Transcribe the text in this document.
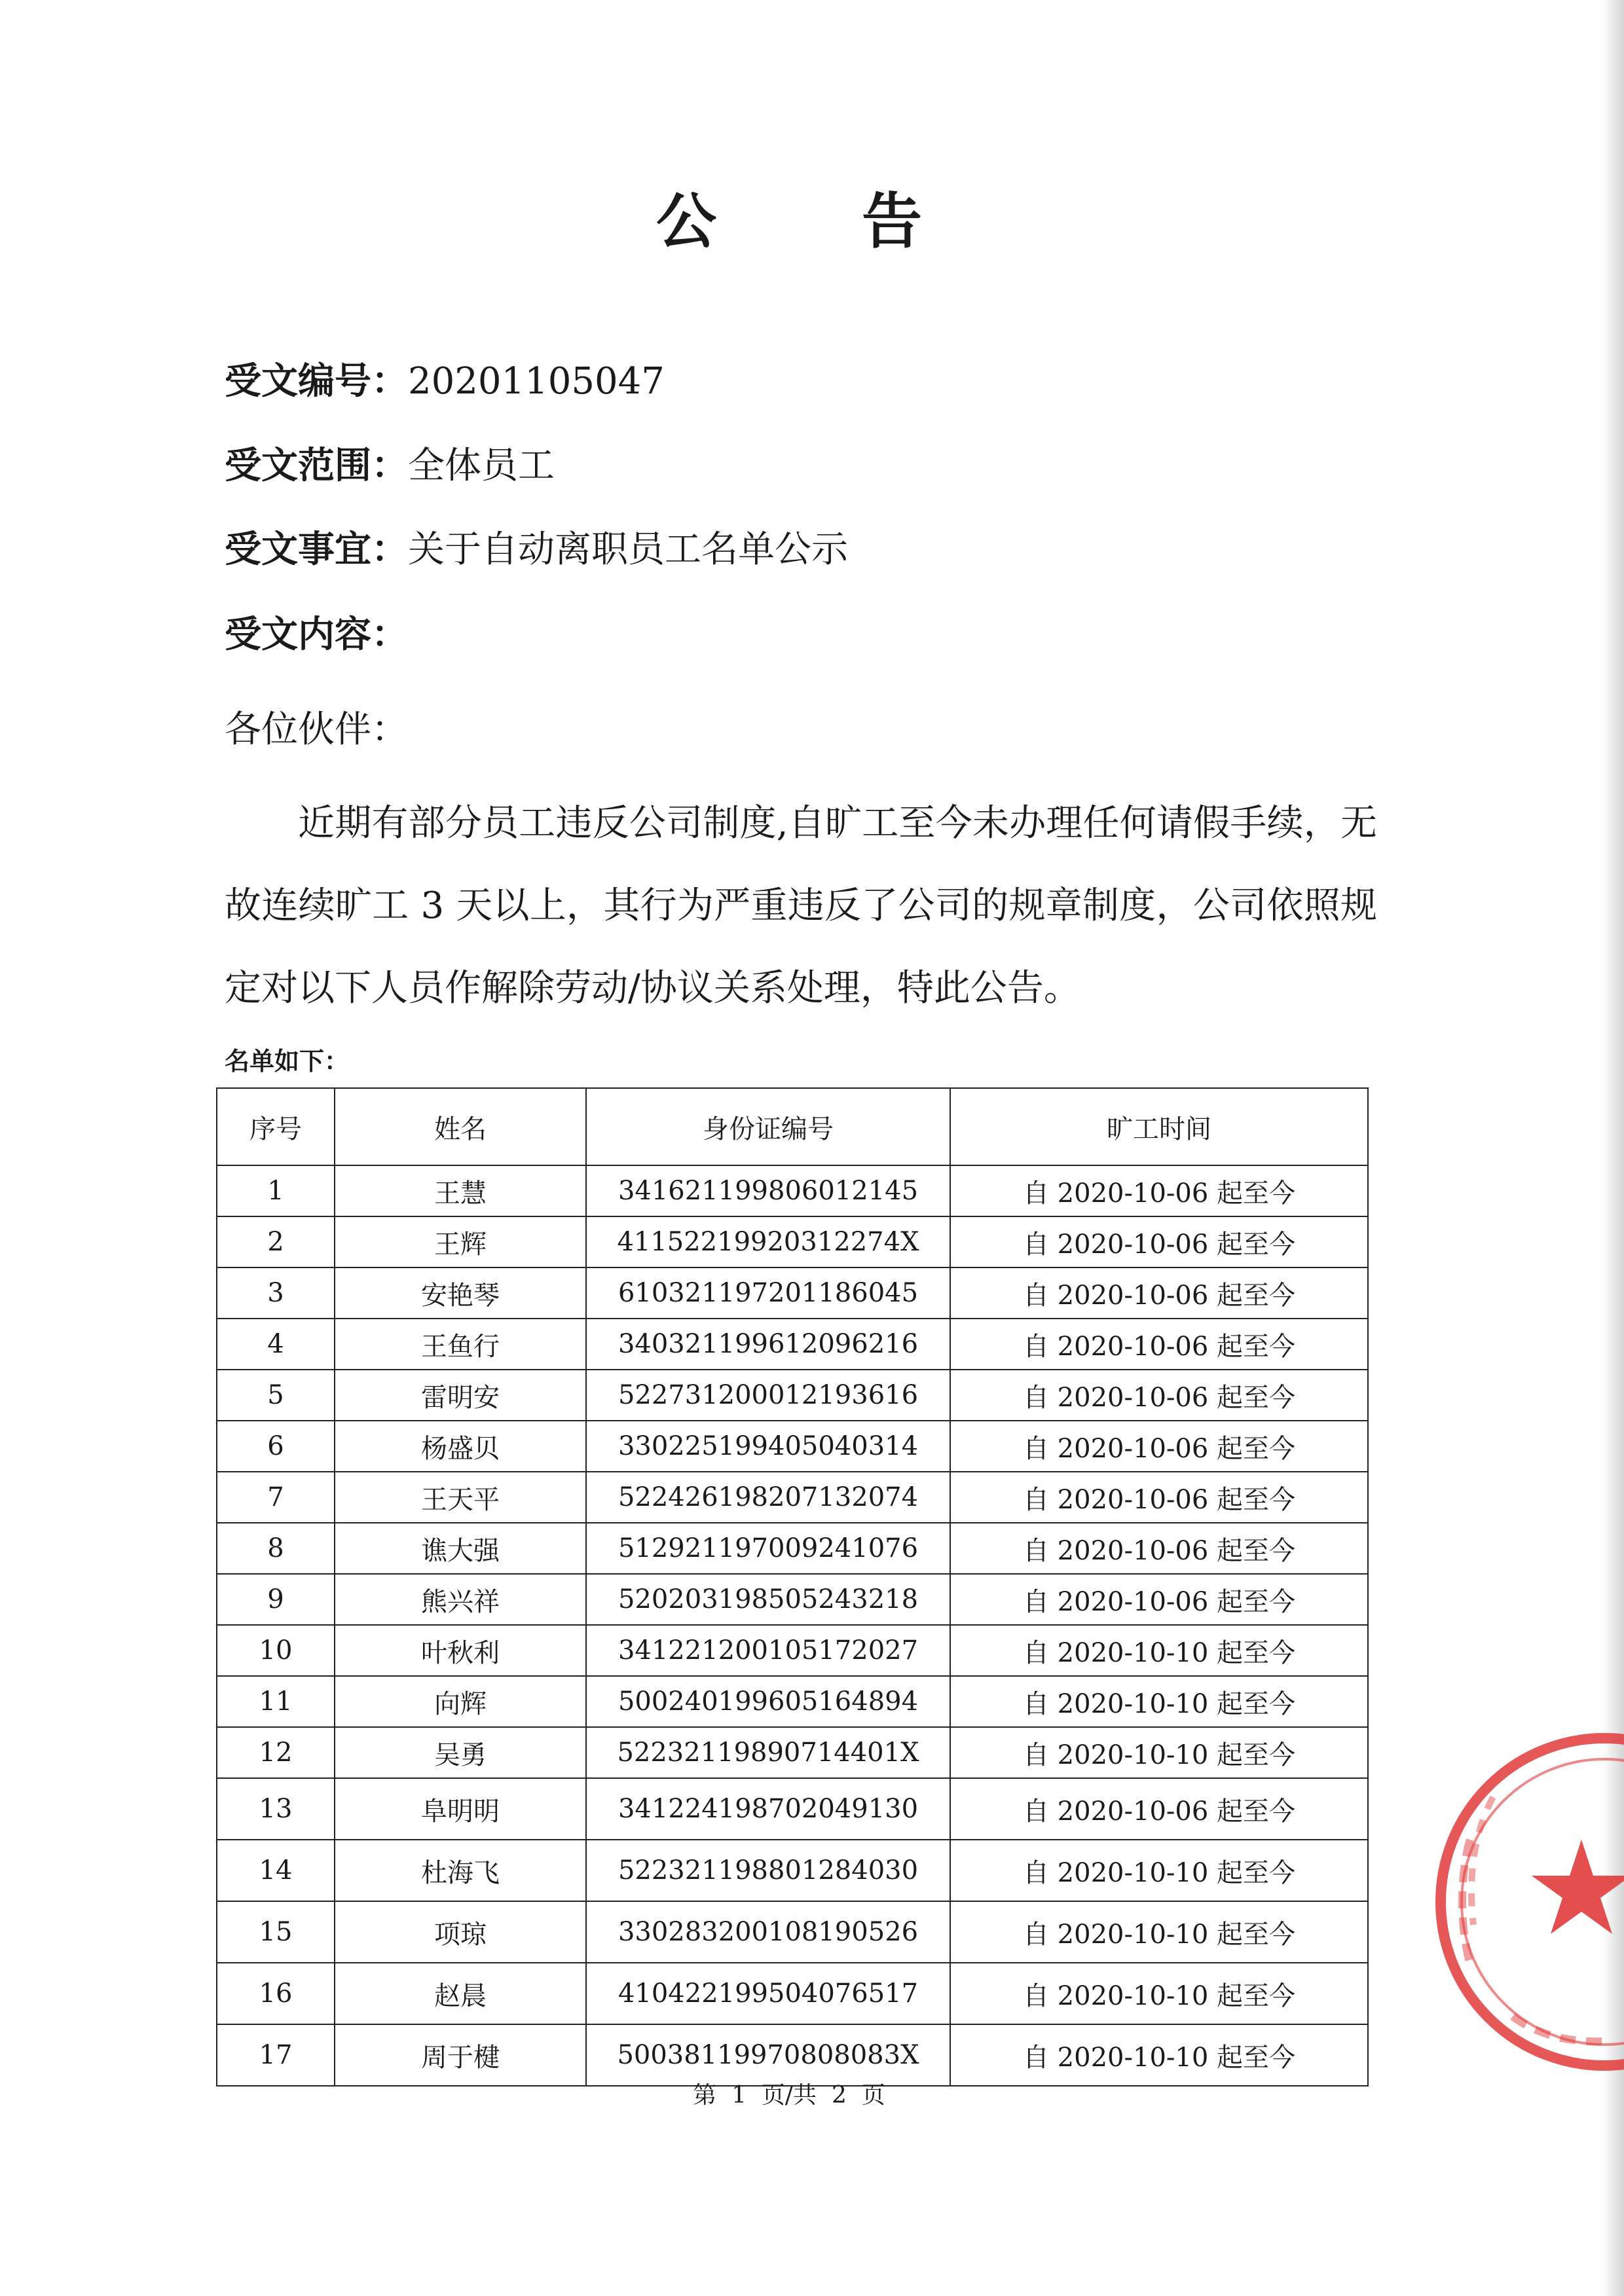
公 告
受文编号：20201105047
受文范围：全体员工
受文事宜：关于自动离职员工名单公示
受文内容：
各位伙伴：
近期有部分员工违反公司制度,自旷工至今未办理任何请假手续，无故连续旷工 3 天以上，其行为严重违反了公司的规章制度，公司依照规定对以下人员作解除劳动/协议关系处理，特此公告。
名单如下：
序号	姓名	身份证编号	旷工时间
1	王慧	341621199806012145	自 2020-10-06 起至今
2	王辉	41152219920312274X	自 2020-10-06 起至今
3	安艳琴	610321197201186045	自 2020-10-06 起至今
4	王鱼行	340321199612096216	自 2020-10-06 起至今
5	雷明安	522731200012193616	自 2020-10-06 起至今
6	杨盛贝	330225199405040314	自 2020-10-06 起至今
7	王天平	522426198207132074	自 2020-10-06 起至今
8	谯大强	512921197009241076	自 2020-10-06 起至今
9	熊兴祥	520203198505243218	自 2020-10-06 起至今
10	叶秋利	341221200105172027	自 2020-10-10 起至今
11	向辉	500240199605164894	自 2020-10-10 起至今
12	吴勇	52232119890714401X	自 2020-10-10 起至今
13	阜明明	341224198702049130	自 2020-10-06 起至今
14	杜海飞	522321198801284030	自 2020-10-10 起至今
15	项琼	330283200108190526	自 2020-10-10 起至今
16	赵晨	410422199504076517	自 2020-10-10 起至今
17	周于楗	50038119970808083X	自 2020-10-10 起至今
第  1  页/共  2  页
